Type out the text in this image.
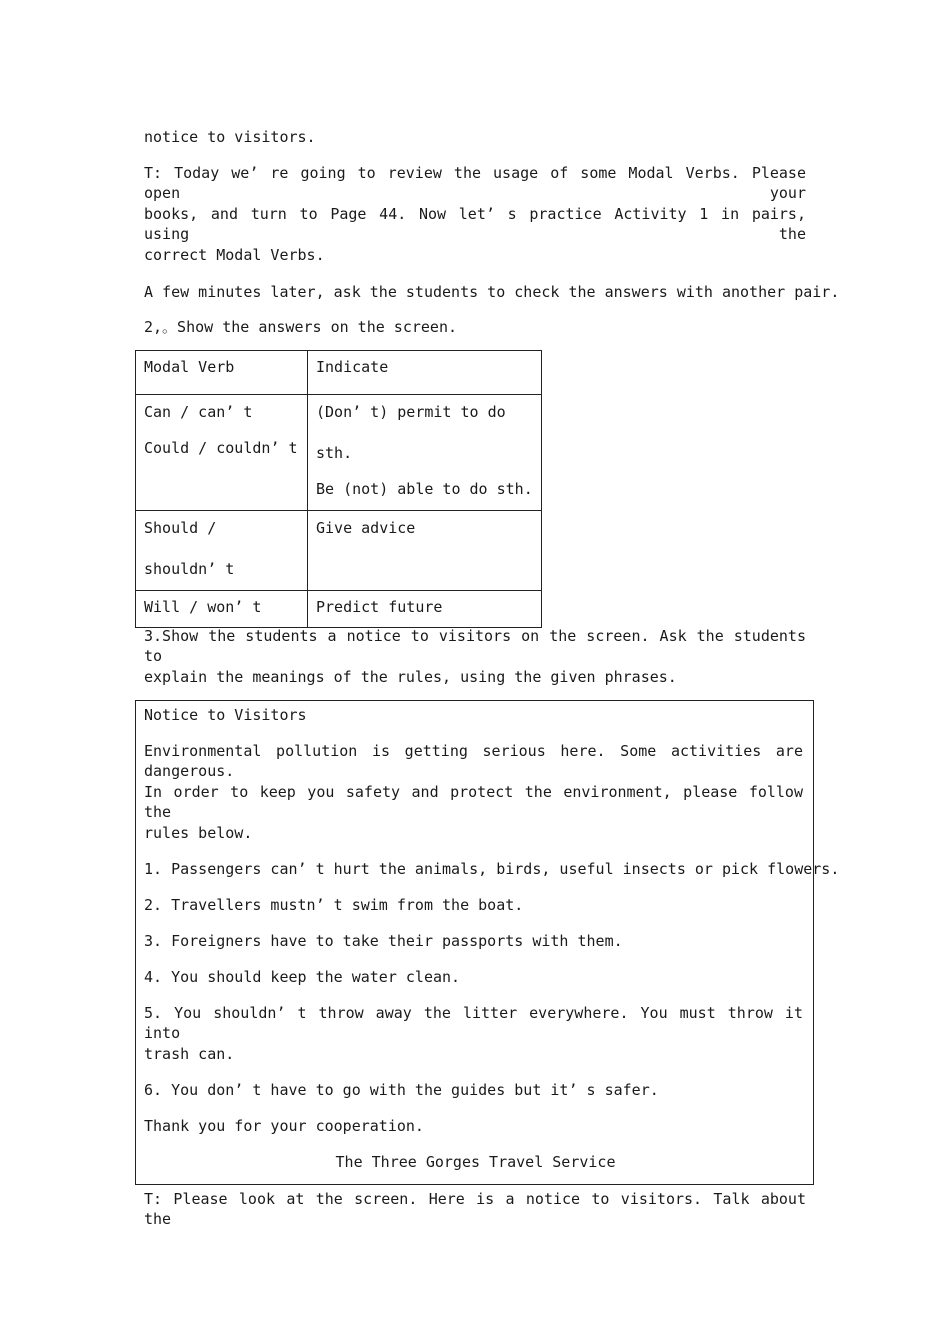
notice to visitors.
T: Today we’ re going to review the usage of some Modal Verbs. Please open your
books, and turn to Page 44. Now let’ s practice Activity 1 in pairs, using the
correct Modal Verbs.
A few minutes later, ask the students to check the answers with another pair.
2,。Show the answers on the screen.
3.Show the students a notice to visitors on the screen. Ask the students to
explain the meanings of the rules, using the given phrases.
T: Please look at the screen. Here is a notice to visitors. Talk about the
Modal Verb	Indicate

Can / can’ t
Could / couldn’ t	(Don’ t) permit to do
sth.
Be (not) able to do sth.

Should /
shouldn’ t	Give advice

Will / won’ t	Predict future
Notice to Visitors
Environmental pollution is getting serious here. Some activities are dangerous.
In order to keep you safety and protect the environment, please follow the
rules below.
1. Passengers can’ t hurt the animals, birds, useful insects or pick flowers.
2. Travellers mustn’ t swim from the boat.
3. Foreigners have to take their passports with them.
4. You should keep the water clean.
5. You shouldn’ t throw away the litter everywhere. You must throw it into
trash can.
6. You don’ t have to go with the guides but it’ s safer.
Thank you for your cooperation.
The Three Gorges Travel Service
